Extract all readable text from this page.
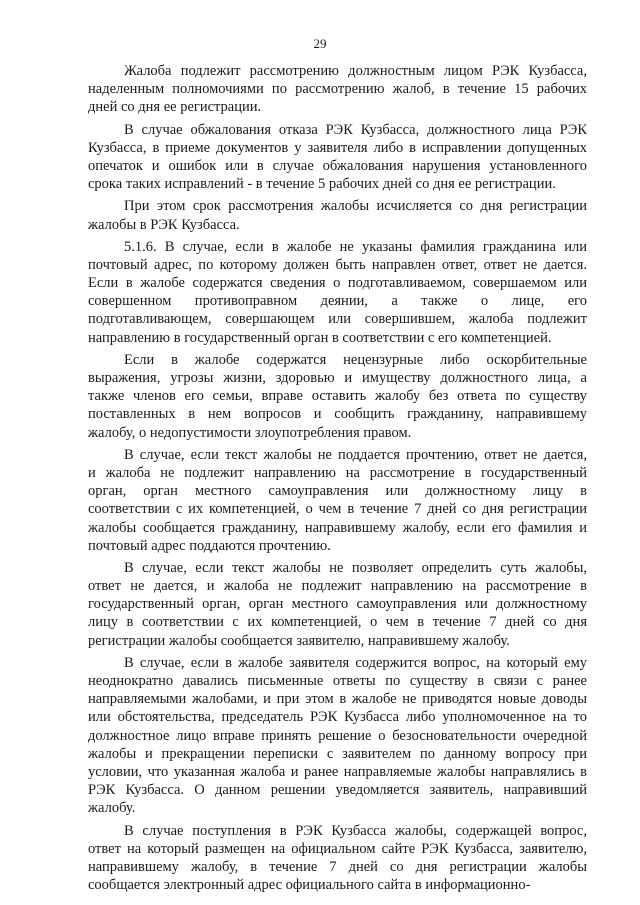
29
Жалоба подлежит рассмотрению должностным лицом РЭК Кузбасса,
наделенным полномочиями по рассмотрению жалоб, в течение 15 рабочих
дней со дня ее регистрации.
В случае обжалования отказа РЭК Кузбасса, должностного лица РЭК
Кузбасса, в приеме документов у заявителя либо в исправлении допущенных
опечаток и ошибок или в случае обжалования нарушения установленного
срока таких исправлений - в течение 5 рабочих дней со дня ее регистрации.
При этом срок рассмотрения жалобы исчисляется со дня регистрации
жалобы в РЭК Кузбасса.
5.1.6. В случае, если в жалобе не указаны фамилия гражданина или
почтовый адрес, по которому должен быть направлен ответ, ответ не дается.
Если в жалобе содержатся сведения о подготавливаемом, совершаемом или
совершенном противоправном деянии, а также о лице, его
подготавливающем, совершающем или совершившем, жалоба подлежит
направлению в государственный орган в соответствии с его компетенцией.
Если в жалобе содержатся нецензурные либо оскорбительные
выражения, угрозы жизни, здоровью и имуществу должностного лица, а
также членов его семьи, вправе оставить жалобу без ответа по существу
поставленных в нем вопросов и сообщить гражданину, направившему
жалобу, о недопустимости злоупотребления правом.
В случае, если текст жалобы не поддается прочтению, ответ не дается,
и жалоба не подлежит направлению на рассмотрение в государственный
орган, орган местного самоуправления или должностному лицу в
соответствии с их компетенцией, о чем в течение 7 дней со дня регистрации
жалобы сообщается гражданину, направившему жалобу, если его фамилия и
почтовый адрес поддаются прочтению.
В случае, если текст жалобы не позволяет определить суть жалобы,
ответ не дается, и жалоба не подлежит направлению на рассмотрение в
государственный орган, орган местного самоуправления или должностному
лицу в соответствии с их компетенцией, о чем в течение 7 дней со дня
регистрации жалобы сообщается заявителю, направившему жалобу.
В случае, если в жалобе заявителя содержится вопрос, на который ему
неоднократно давались письменные ответы по существу в связи с ранее
направляемыми жалобами, и при этом в жалобе не приводятся новые доводы
или обстоятельства, председатель РЭК Кузбасса либо уполномоченное на то
должностное лицо вправе принять решение о безосновательности очередной
жалобы и прекращении переписки с заявителем по данному вопросу при
условии, что указанная жалоба и ранее направляемые жалобы направлялись в
РЭК Кузбасса. О данном решении уведомляется заявитель, направивший
жалобу.
В случае поступления в РЭК Кузбасса жалобы, содержащей вопрос,
ответ на который размещен на официальном сайте РЭК Кузбасса, заявителю,
направившему жалобу, в течение 7 дней со дня регистрации жалобы
сообщается электронный адрес официального сайта в информационно-
